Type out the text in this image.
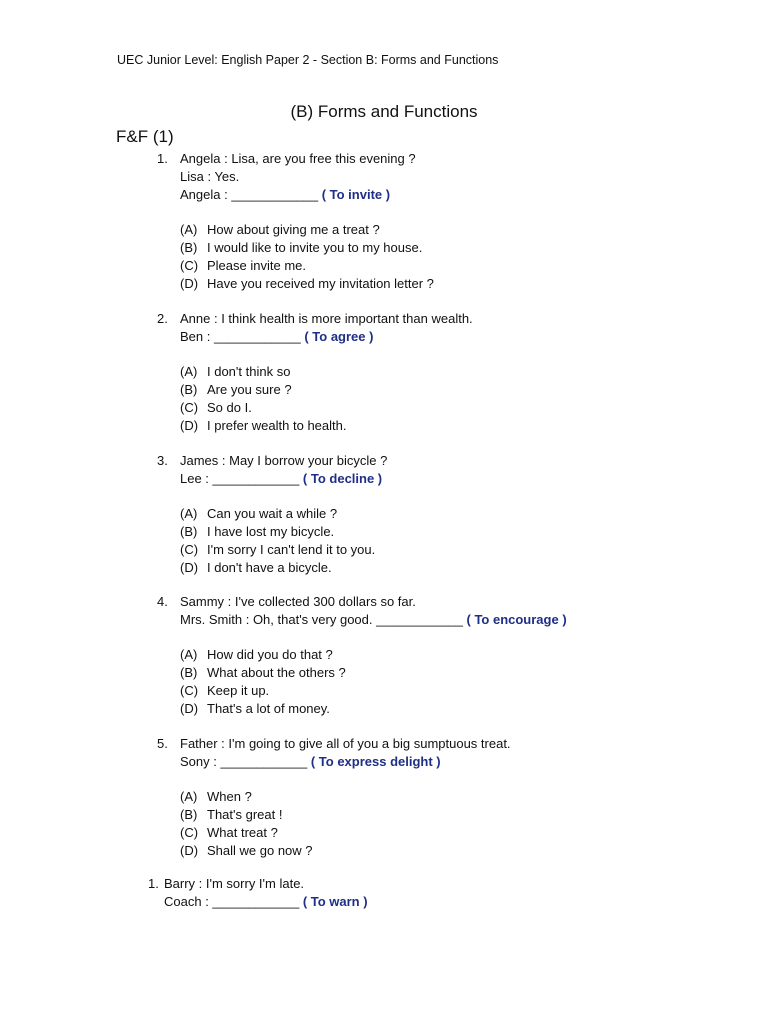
UEC Junior Level: English Paper 2 - Section B: Forms and Functions
(B) Forms and Functions
F&F (1)
1. Angela : Lisa, are you free this evening ?
Lisa : Yes.
Angela : ____________ ( To invite )
(A) How about giving me a treat ?
(B) I would like to invite you to my house.
(C) Please invite me.
(D) Have you received my invitation letter ?
2. Anne : I think health is more important than wealth.
Ben : ____________ ( To agree )
(A) I don't think so
(B) Are you sure ?
(C) So do I.
(D) I prefer wealth to health.
3. James : May I borrow your bicycle ?
Lee : ____________ ( To decline )
(A) Can you wait a while ?
(B) I have lost my bicycle.
(C) I'm sorry I can't lend it to you.
(D) I don't have a bicycle.
4. Sammy : I've collected 300 dollars so far.
Mrs. Smith : Oh, that's very good. ____________ ( To encourage )
(A) How did you do that ?
(B) What about the others ?
(C) Keep it up.
(D) That's a lot of money.
5. Father : I'm going to give all of you a big sumptuous treat.
Sony : ____________ ( To express delight )
(A) When ?
(B) That's great !
(C) What treat ?
(D) Shall we go now ?
1. Barry : I'm sorry I'm late.
Coach : ____________ ( To warn )
